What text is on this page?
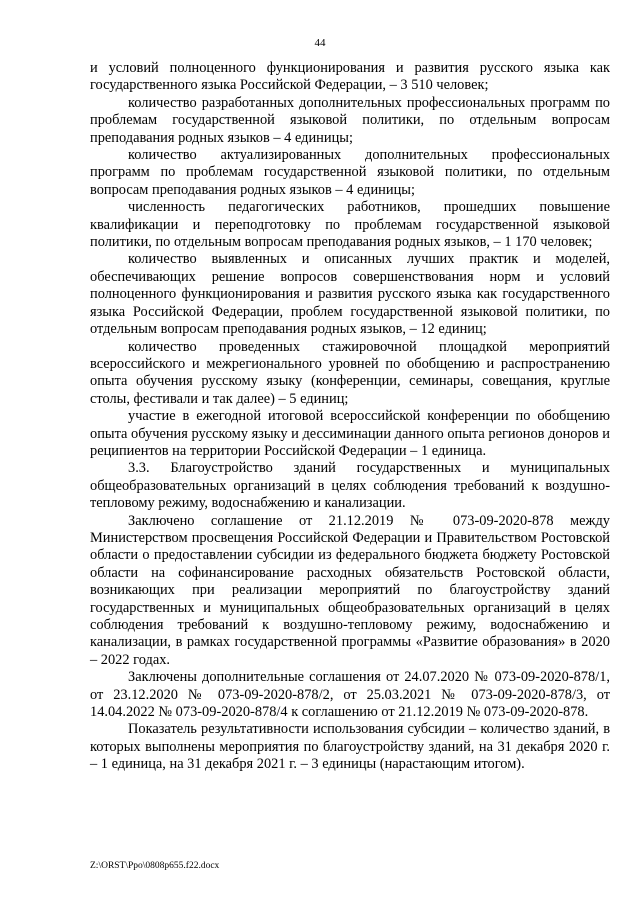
44

и условий полноценного функционирования и развития русского языка как государственного языка Российской Федерации, – 3 510 человек;

количество разработанных дополнительных профессиональных программ по проблемам государственной языковой политики, по отдельным вопросам преподавания родных языков – 4 единицы;

количество актуализированных дополнительных профессиональных программ по проблемам государственной языковой политики, по отдельным вопросам преподавания родных языков – 4 единицы;

численность педагогических работников, прошедших повышение квалификации и переподготовку по проблемам государственной языковой политики, по отдельным вопросам преподавания родных языков, – 1 170 человек;

количество выявленных и описанных лучших практик и моделей, обеспечивающих решение вопросов совершенствования норм и условий полноценного функционирования и развития русского языка как государственного языка Российской Федерации, проблем государственной языковой политики, по отдельным вопросам преподавания родных языков, – 12 единиц;

количество проведенных стажировочной площадкой мероприятий всероссийского и межрегионального уровней по обобщению и распространению опыта обучения русскому языку (конференции, семинары, совещания, круглые столы, фестивали и так далее) – 5 единиц;

участие в ежегодной итоговой всероссийской конференции по обобщению опыта обучения русскому языку и дессиминации данного опыта регионов доноров и реципиентов на территории Российской Федерации – 1 единица.

3.3. Благоустройство зданий государственных и муниципальных общеобразовательных организаций в целях соблюдения требований к воздушно-тепловому режиму, водоснабжению и канализации.

Заключено соглашение от 21.12.2019 № 073-09-2020-878 между Министерством просвещения Российской Федерации и Правительством Ростовской области о предоставлении субсидии из федерального бюджета бюджету Ростовской области на софинансирование расходных обязательств Ростовской области, возникающих при реализации мероприятий по благоустройству зданий государственных и муниципальных общеобразовательных организаций в целях соблюдения требований к воздушно-тепловому режиму, водоснабжению и канализации, в рамках государственной программы «Развитие образования» в 2020 – 2022 годах.

Заключены дополнительные соглашения от 24.07.2020 № 073-09-2020-878/1, от 23.12.2020 № 073-09-2020-878/2, от 25.03.2021 № 073-09-2020-878/3, от 14.04.2022 № 073-09-2020-878/4 к соглашению от 21.12.2019 № 073-09-2020-878.

Показатель результативности использования субсидии – количество зданий, в которых выполнены мероприятия по благоустройству зданий, на 31 декабря 2020 г. – 1 единица, на 31 декабря 2021 г. – 3 единицы (нарастающим итогом).

Z:\ORST\Ppo\0808p655.f22.docx
